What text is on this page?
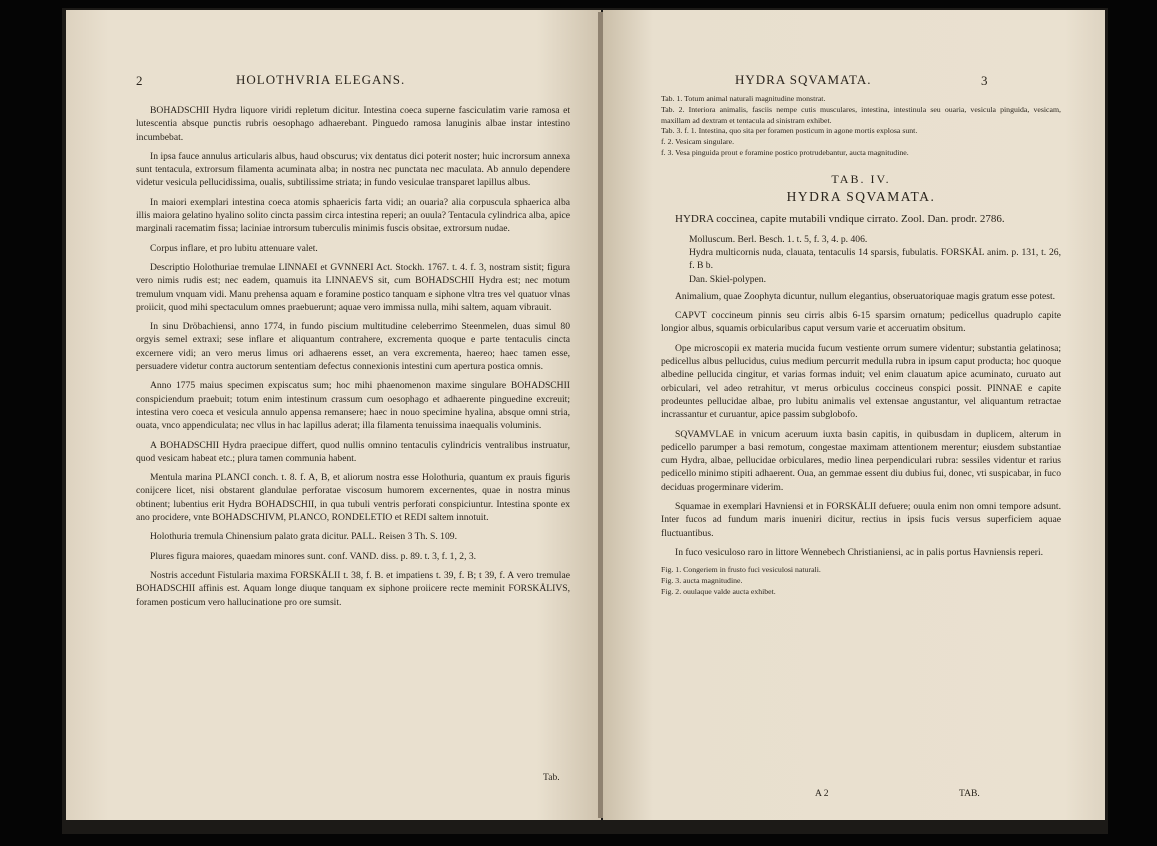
2	HOLOTHVRIA ELEGANS.

BOHADSCHII Hydra liquore viridi repletum dicitur. Intestina coeca superne fasciculatim varie ramosa et lutescentia absque punctis rubris oesophago adhaerebant. Pinguedo ramosa lanuginis albae instar intestino incumbebat.

In ipsa fauce annulus articularis albus, haud obscurus; vix dentatus dici poterit noster; huic incrorsum annexa sunt tentacula, extrorsum filamenta acuminata alba; in nostra nec punctata nec maculata. Ab annulo dependere videtur vesicula pellucidissima, oualis, subtilissime striata; in fundo vesiculae transparet lapillus albus.

In maiori exemplari intestina coeca atomis sphaericis farta vidi; an ouaria? alia corpuscula sphaerica alba illis maiora gelatino hyalino solito cincta passim circa intestina reperi; an ouula? Tentacula cylindrica alba, apice marginali racematim fissa; laciniae introrsum tuberculis minimis fuscis obsitae, extrorsum nudae.

Corpus inflare, et pro lubitu attenuare valet.

Descriptio Holothuriae tremulae LINNAEI et GVNNERI Act. Stockh. 1767. t. 4. f. 3, nostram sistit; figura vero nimis rudis est; nec eadem, quamuis ita LINNAEVS sit, cum BOHADSCHII Hydra est; nec motum tremulum vnquam vidi. Manu prehensa aquam e foramine postico tanquam e siphone vltra tres vel quatuor vlnas proiicit, quod mihi spectaculum omnes praebuerunt; aquae vero immissa nulla, mihi saltem, aquam vibrauit.

In sinu Dröbachiensi, anno 1774, in fundo piscium multitudine celeberrimo Steenmelen, duas simul 80 orgyis semel extraxi; sese inflare et aliquantum contrahere, excrementa quoque e parte tentaculis cincta excernere vidi; an vero merus limus ori adhaerens esset, an vera excrementa, haereo; haec tamen esse, persuadere videtur contra auctorum sententiam defectus connexionis intestini cum apertura postica omnis.

Anno 1775 maius specimen expiscatus sum; hoc mihi phaenomenon maxime singulare BOHADSCHII conspiciendum praebuit; totum enim intestinum crassum cum oesophago et adhaerente pinguedine excreuit; intestina vero coeca et vesicula annulo appensa remansere; haec in nouo specimine hyalina, absque omni stria, ouata, vnco appendiculata; nec vllus in hac lapillus aderat; illa filamenta tenuissima inaequalis voluminis.

A BOHADSCHII Hydra praecipue differt, quod nullis omnino tentaculis cylindricis ventralibus instruatur, quod vesicam habeat etc.; plura tamen communia habent.

Mentula marina PLANCI conch. t. 8. f. A, B, et aliorum nostra esse Holothuria, quantum ex prauis figuris conijcere licet, nisi obstarent glandulae perforatae viscosum humorem excernentes, quae in nostra minus obtinent; lubentius erit Hydra BOHADSCHII, in qua tubuli ventris perforati conspiciuntur. Intestina sponte ex ano procidere, vnte BOHADSCHIVM, PLANCO, RONDELETIO et REDI saltem innotuit.

Holothuria tremula Chinensium palato grata dicitur. PALL. Reisen 3 Th. S. 109.

Plures figura maiores, quaedam minores sunt. conf. VAND. diss. p. 89. t. 3, f. 1, 2, 3.

Nostris accedunt Fistularia maxima FORSKÅLII t. 38, f. B. et impatiens t. 39, f. B; t 39, f. A vero tremulae BOHADSCHII affinis est. Aquam longe diuque tanquam ex siphone proiicere recte meminit FORSKÅLIVS, foramen posticum vero hallucinatione pro ore sumsit.

Tab.
HYDRA SQVAMATA.	3

Tab. 1. Totum animal naturali magnitudine monstrat.

Tab. 2. Interiora animalis, fasciis nempe cutis musculares, intestina, intestinula seu ouaria, vesicula pinguida, vesicam, maxillam ad dextram et tentacula ad sinistram exhibet.

Tab. 3. f. 1. Intestina, quo sita per foramen posticum in agone mortis explosa sunt.

f. 2. Vesicam singulare.

f. 3. Vesa pinguida prout e foramine postico protrudebantur, aucta magnitudine.

TAB. IV.
HYDRA SQVAMATA.

HYDRA coccinea, capite mutabili vndique cirrato. Zool. Dan. prodr. 2786.

Molluscum. Berl. Besch. 1. t. 5, f. 3, 4. p. 406.

Hydra multicornis nuda, clauata, tentaculis 14 sparsis, fubulatis. FORSKÅL anim. p. 131, t. 26, f. B b.

Dan. Skiel-polypen.

Animalium, quae Zoophyta dicuntur, nullum elegantius, obseruatoriquae magis gratum esse potest.

CAPVT coccineum pinnis seu cirris albis 6-15 sparsim ornatum; pedicellus quadruplo capite longior albus, squamis orbicularibus caput versum varie et acceruatim obsitum.

Ope microscopii ex materia mucida fucum vestiente orrum sumere videntur; substantia gelatinosa; pedicellus albus pellucidus, cuius medium percurrit medulla rubra in ipsum caput producta; hoc quoque albedine pellucida cingitur, et varias formas induit; vel enim clauatum apice acuminato, curuato aut orbiculari, vel adeo retrahitur, vt merus orbiculus coccineus conspici possit. PINNAE e capite prodeuntes pellucidae albae, pro lubitu animalis vel extensae angustantur, vel aliquantum retractae incrassantur et curuantur, apice passim subglobofo.

SQVAMVLAE in vnicum aceruum iuxta basin capitis, in quibusdam in duplicem, alterum in pedicello parumper a basi remotum, congestae maximam attentionem merentur; eiusdem substantiae cum Hydra, albae, pellucidae orbiculares, medio linea perpendiculari rubra: sessiles videntur et rarius pedicello minimo stipiti adhaerent. Oua, an gemmae essent diu dubius fui, donec, vti suspicabar, in fuco deciduas progerminare viderim.

Squamae in exemplari Havniensi et in FORSKÅLII defuere; ouula enim non omni tempore adsunt. Inter fucos ad fundum maris inueniri dicitur, rectius in ipsis fucis versus superficiem aquae fluctuantibus.

In fuco vesiculoso raro in littore Wennebech Christianiensi, ac in palis portus Havniensis reperi.

Fig. 1. Congeriem in frusto fuci vesiculosi naturali.

Fig. 3. aucta magnitudine.

Fig. 2. ouulaque valde aucta exhibet.

A 2	TAB.
